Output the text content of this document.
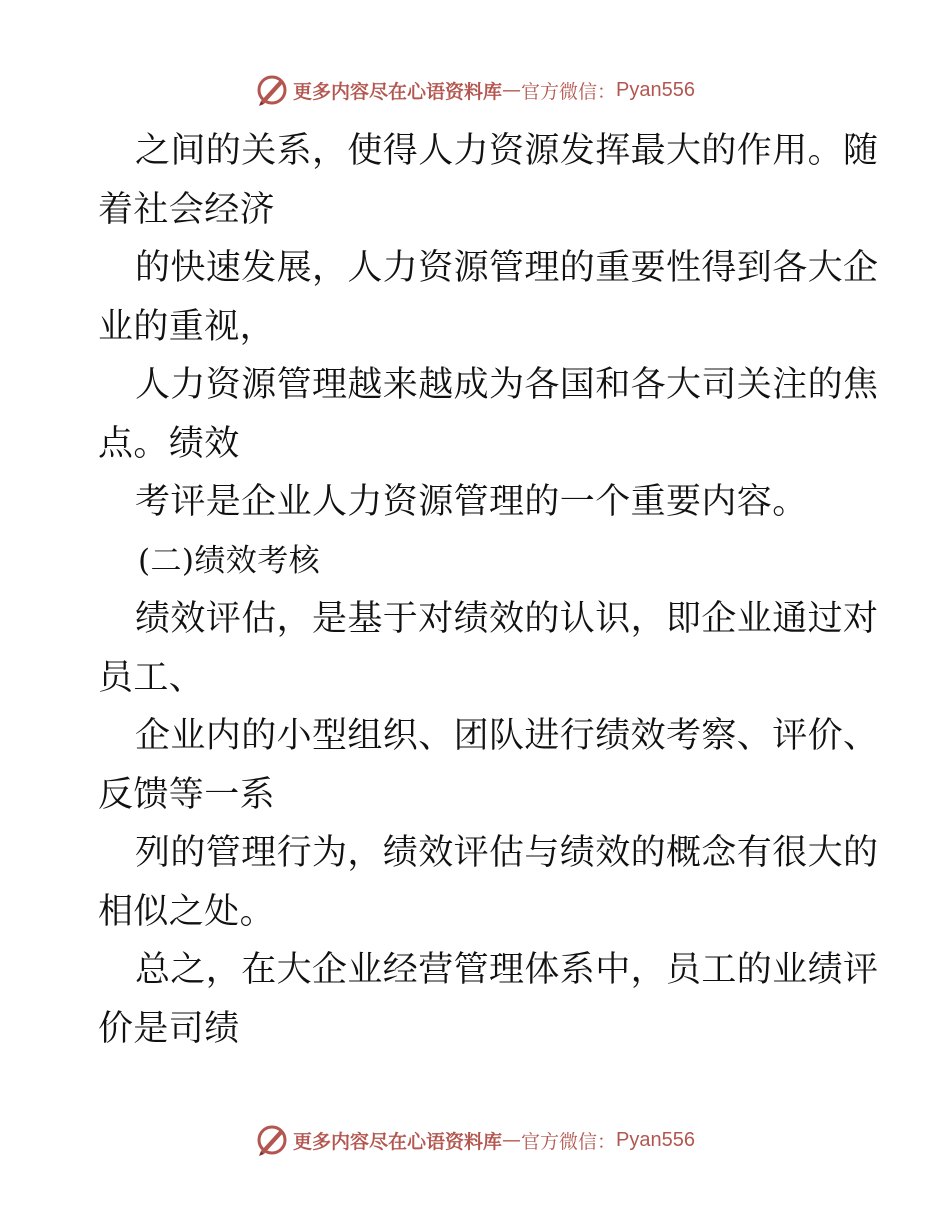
更多内容尽在心语资料库 — 官方微信： Pyan556
之间的关系，使得人力资源发挥最大的作用。随
着社会经济
的快速发展，人力资源管理的重要性得到各大企
业的重视，
人力资源管理越来越成为各国和各大司关注的焦
点。绩效
考评是企业人力资源管理的一个重要内容。
(二)绩效考核
绩效评估，是基于对绩效的认识，即企业通过对
员工、
企业内的小型组织、团队进行绩效考察、评价、
反馈等一系
列的管理行为，绩效评估与绩效的概念有很大的
相似之处。
总之，在大企业经营管理体系中，员工的业绩评
价是司绩
更多内容尽在心语资料库 — 官方微信： Pyan556
